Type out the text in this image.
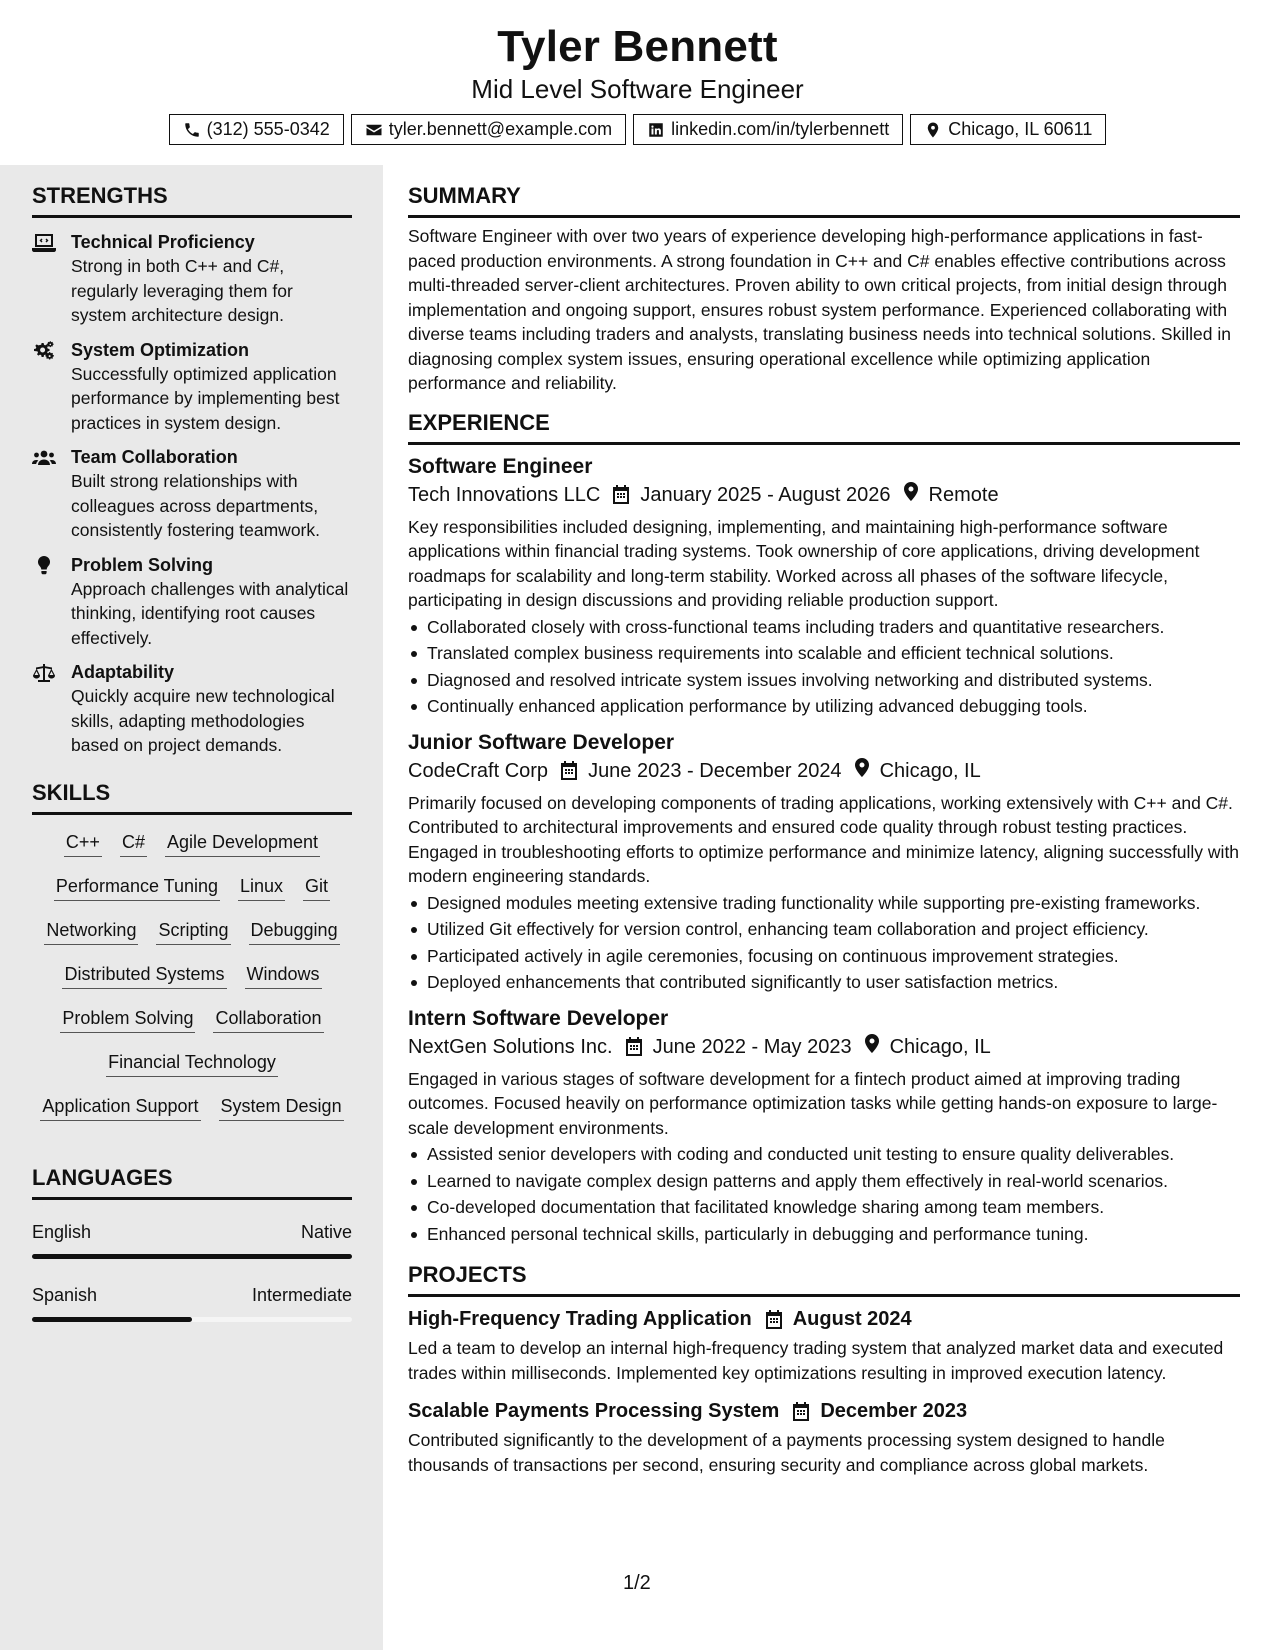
Tyler Bennett
Mid Level Software Engineer
(312) 555-0342	tyler.bennett@example.com	linkedin.com/in/tylerbennett	Chicago, IL 60611
STRENGTHS
Technical Proficiency
Strong in both C++ and C#, regularly leveraging them for system architecture design.
System Optimization
Successfully optimized application performance by implementing best practices in system design.
Team Collaboration
Built strong relationships with colleagues across departments, consistently fostering teamwork.
Problem Solving
Approach challenges with analytical thinking, identifying root causes effectively.
Adaptability
Quickly acquire new technological skills, adapting methodologies based on project demands.
SKILLS
C++ C# Agile Development
Performance Tuning Linux Git
Networking Scripting Debugging
Distributed Systems Windows
Problem Solving Collaboration
Financial Technology
Application Support System Design
LANGUAGES
English	Native
Spanish	Intermediate
SUMMARY
Software Engineer with over two years of experience developing high-performance applications in fast-paced production environments. A strong foundation in C++ and C# enables effective contributions across multi-threaded server-client architectures. Proven ability to own critical projects, from initial design through implementation and ongoing support, ensures robust system performance. Experienced collaborating with diverse teams including traders and analysts, translating business needs into technical solutions. Skilled in diagnosing complex system issues, ensuring operational excellence while optimizing application performance and reliability.
EXPERIENCE
Software Engineer
Tech Innovations LLC January 2025 - August 2026 Remote
Key responsibilities included designing, implementing, and maintaining high-performance software applications within financial trading systems. Took ownership of core applications, driving development roadmaps for scalability and long-term stability. Worked across all phases of the software lifecycle, participating in design discussions and providing reliable production support.
Collaborated closely with cross-functional teams including traders and quantitative researchers.
Translated complex business requirements into scalable and efficient technical solutions.
Diagnosed and resolved intricate system issues involving networking and distributed systems.
Continually enhanced application performance by utilizing advanced debugging tools.
Junior Software Developer
CodeCraft Corp June 2023 - December 2024 Chicago, IL
Primarily focused on developing components of trading applications, working extensively with C++ and C#. Contributed to architectural improvements and ensured code quality through robust testing practices. Engaged in troubleshooting efforts to optimize performance and minimize latency, aligning successfully with modern engineering standards.
Designed modules meeting extensive trading functionality while supporting pre-existing frameworks.
Utilized Git effectively for version control, enhancing team collaboration and project efficiency.
Participated actively in agile ceremonies, focusing on continuous improvement strategies.
Deployed enhancements that contributed significantly to user satisfaction metrics.
Intern Software Developer
NextGen Solutions Inc. June 2022 - May 2023 Chicago, IL
Engaged in various stages of software development for a fintech product aimed at improving trading outcomes. Focused heavily on performance optimization tasks while getting hands-on exposure to large-scale development environments.
Assisted senior developers with coding and conducted unit testing to ensure quality deliverables.
Learned to navigate complex design patterns and apply them effectively in real-world scenarios.
Co-developed documentation that facilitated knowledge sharing among team members.
Enhanced personal technical skills, particularly in debugging and performance tuning.
PROJECTS
High-Frequency Trading Application August 2024
Led a team to develop an internal high-frequency trading system that analyzed market data and executed trades within milliseconds. Implemented key optimizations resulting in improved execution latency.
Scalable Payments Processing System December 2023
Contributed significantly to the development of a payments processing system designed to handle thousands of transactions per second, ensuring security and compliance across global markets.
1/2
